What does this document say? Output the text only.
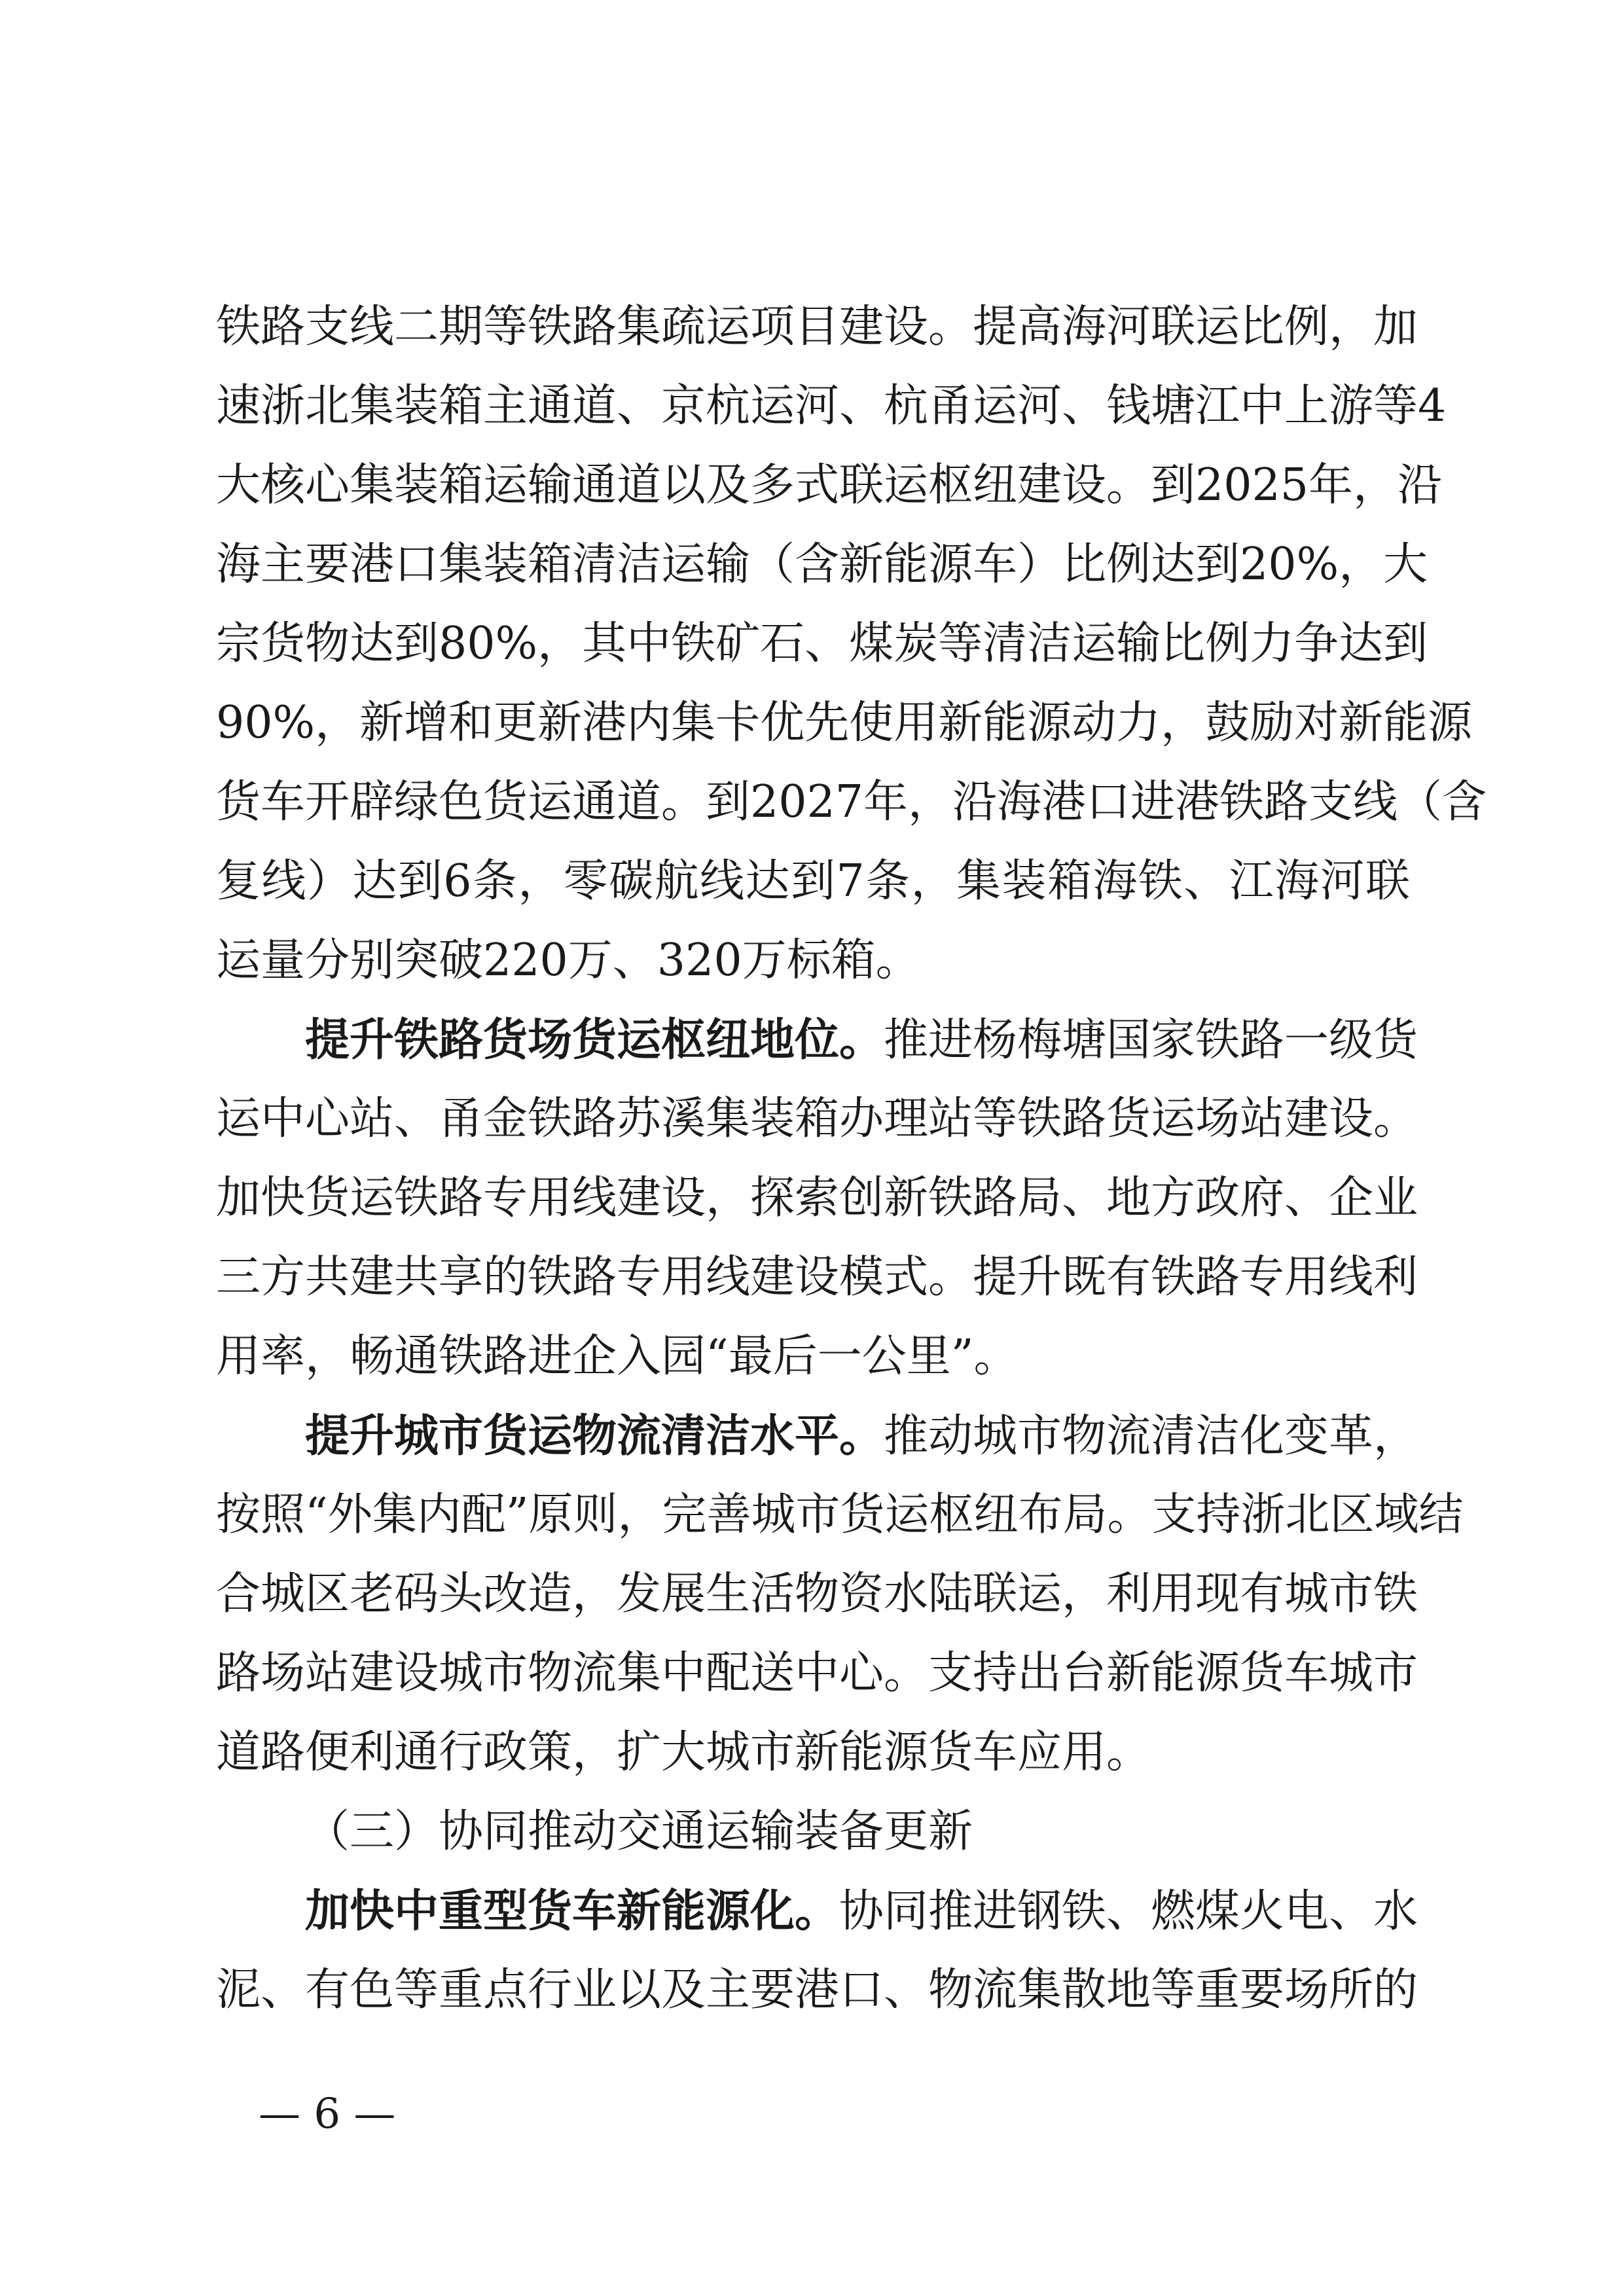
铁路支线二期等铁路集疏运项目建设。提高海河联运比例，加
速浙北集装箱主通道、京杭运河、杭甬运河、钱塘江中上游等4
大核心集装箱运输通道以及多式联运枢纽建设。到2025年，沿
海主要港口集装箱清洁运输（含新能源车）比例达到20%，大
宗货物达到80%，其中铁矿石、煤炭等清洁运输比例力争达到
90%，新增和更新港内集卡优先使用新能源动力，鼓励对新能源
货车开辟绿色货运通道。到2027年，沿海港口进港铁路支线（含
复线）达到6条，零碳航线达到7条，集装箱海铁、江海河联
运量分别突破220万、320万标箱。
提升铁路货场货运枢纽地位。推进杨梅塘国家铁路一级货
运中心站、甬金铁路苏溪集装箱办理站等铁路货运场站建设。
加快货运铁路专用线建设，探索创新铁路局、地方政府、企业
三方共建共享的铁路专用线建设模式。提升既有铁路专用线利
用率，畅通铁路进企入园“最后一公里”。
提升城市货运物流清洁水平。推动城市物流清洁化变革，
按照“外集内配”原则，完善城市货运枢纽布局。支持浙北区域结
合城区老码头改造，发展生活物资水陆联运，利用现有城市铁
路场站建设城市物流集中配送中心。支持出台新能源货车城市
道路便利通行政策，扩大城市新能源货车应用。
（三）协同推动交通运输装备更新
加快中重型货车新能源化。协同推进钢铁、燃煤火电、水
泥、有色等重点行业以及主要港口、物流集散地等重要场所的
— 6 —
